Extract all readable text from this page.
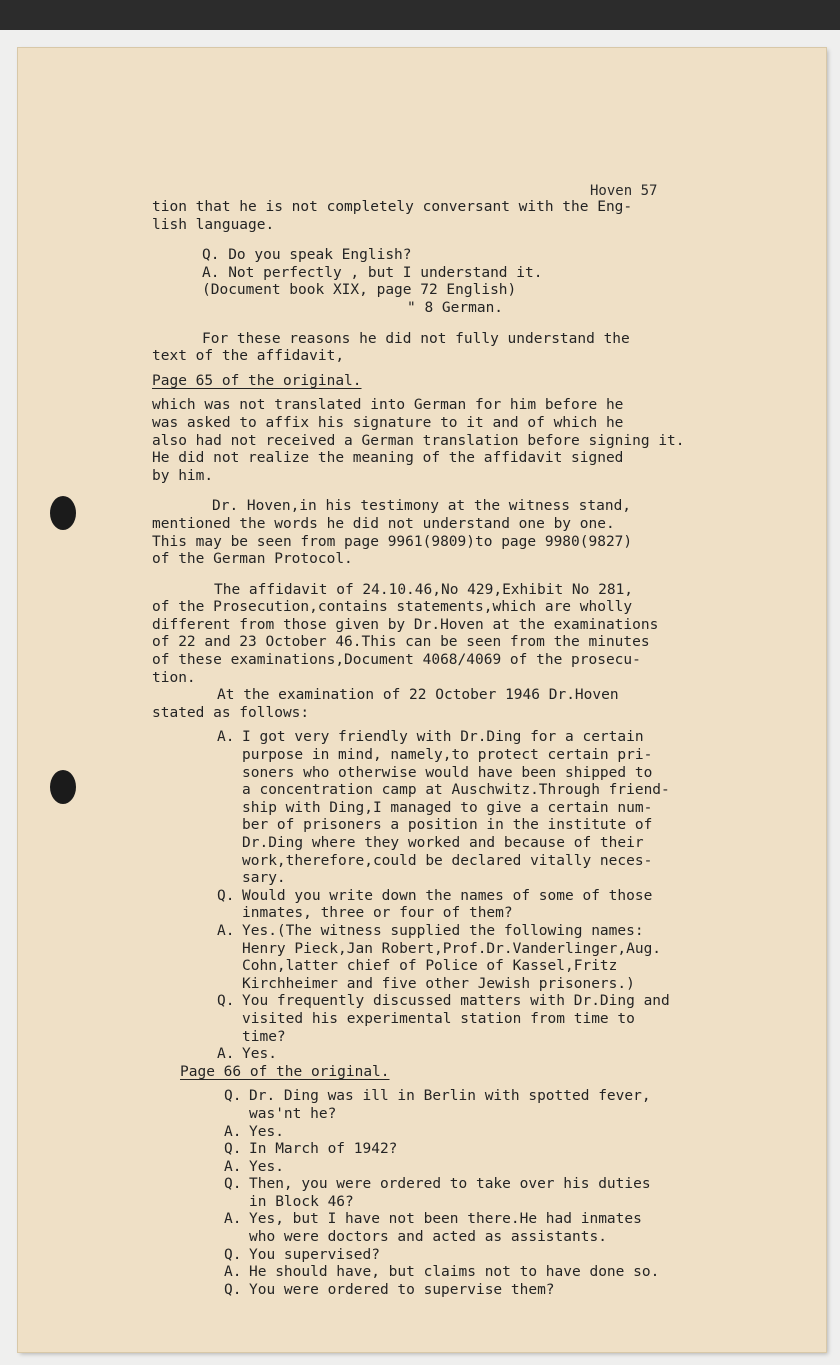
Hoven 57
tion that he is not completely conversant with the Eng-
lish language.
Q. Do you speak English?
A. Not perfectly , but I understand it.
(Document book XIX, page 72 English)
" 8 German.
For these reasons he did not fully understand the
text of the affidavit,
Page 65 of the original.
which was not translated into German for him before he
was asked to affix his signature to it and of which he
also had not received a German translation before signing it.
He did not realize the meaning of the affidavit signed
by him.
Dr. Hoven,in his testimony at the witness stand,
mentioned the words he did not understand one by one.
This may be seen from page 9961(9809)to page 9980(9827)
of the German Protocol.
The affidavit of 24.10.46,No 429,Exhibit No 281,
of the Prosecution,contains statements,which are wholly
different from those given by Dr.Hoven at the examinations
of 22 and 23 October 46.This can be seen from the minutes
of these examinations,Document 4068/4069 of the prosecu-
tion.
At the examination of 22 October 1946 Dr.Hoven
stated as follows:
A. I got very friendly with Dr.Ding for a certain
purpose in mind, namely,to protect certain pri-
soners who otherwise would have been shipped to
a concentration camp at Auschwitz.Through friend-
ship with Ding,I managed to give a certain num-
ber of prisoners a position in the institute of
Dr.Ding where they worked and because of their
work,therefore,could be declared vitally neces-
sary.
Q. Would you write down the names of some of those
inmates, three or four of them?
A. Yes.(The witness supplied the following names:
Henry Pieck,Jan Robert,Prof.Dr.Vanderlinger,Aug.
Cohn,latter chief of Police of Kassel,Fritz
Kirchheimer and five other Jewish prisoners.)
Q. You frequently discussed matters with Dr.Ding and
visited his experimental station from time to
time?
A. Yes.
Page 66 of the original.
Q. Dr. Ding was ill in Berlin with spotted fever,
was'nt he?
A. Yes.
Q. In March of 1942?
A. Yes.
Q. Then, you were ordered to take over his duties
in Block 46?
A. Yes, but I have not been there.He had inmates
who were doctors and acted as assistants.
Q. You supervised?
A. He should have, but claims not to have done so.
Q. You were ordered to supervise them?
